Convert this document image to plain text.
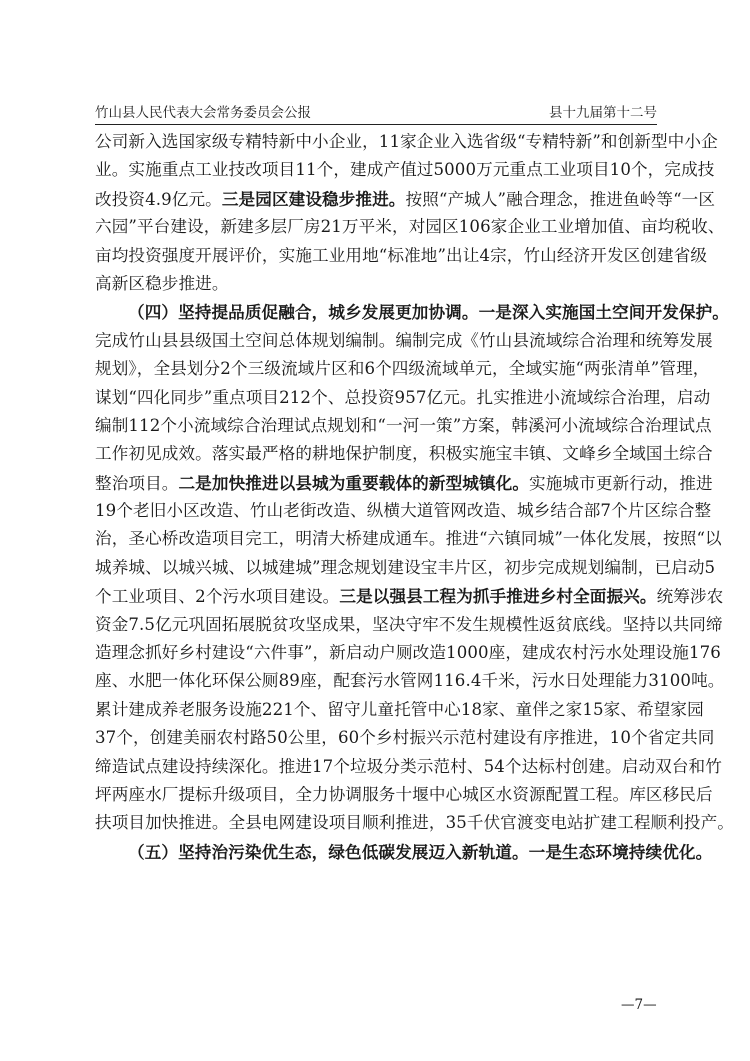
竹山县人民代表大会常务委员会公报	县十九届第十二号
公司新入选国家级专精特新中小企业，11家企业入选省级“专精特新”和创新型中小企
业。实施重点工业技改项目11个，建成产值过5000万元重点工业项目10个，完成技
改投资4.9亿元。三是园区建设稳步推进。按照“产城人”融合理念，推进鱼岭等“一区
六园”平台建设，新建多层厂房21万平米，对园区106家企业工业增加值、亩均税收、
亩均投资强度开展评价，实施工业用地“标准地”出让4宗，竹山经济开发区创建省级
高新区稳步推进。
（四）坚持提品质促融合，城乡发展更加协调。一是深入实施国土空间开发保护。
完成竹山县县级国土空间总体规划编制。编制完成《竹山县流域综合治理和统筹发展
规划》，全县划分2个三级流域片区和6个四级流域单元，全域实施“两张清单”管理，
谋划“四化同步”重点项目212个、总投资957亿元。扎实推进小流域综合治理，启动
编制112个小流域综合治理试点规划和“一河一策”方案，韩溪河小流域综合治理试点
工作初见成效。落实最严格的耕地保护制度，积极实施宝丰镇、文峰乡全域国土综合
整治项目。二是加快推进以县城为重要载体的新型城镇化。实施城市更新行动，推进
19个老旧小区改造、竹山老街改造、纵横大道管网改造、城乡结合部7个片区综合整
治，圣心桥改造项目完工，明清大桥建成通车。推进“六镇同城”一体化发展，按照“以
城养城、以城兴城、以城建城”理念规划建设宝丰片区，初步完成规划编制，已启动5
个工业项目、2个污水项目建设。三是以强县工程为抓手推进乡村全面振兴。统筹涉农
资金7.5亿元巩固拓展脱贫攻坚成果，坚决守牢不发生规模性返贫底线。坚持以共同缔
造理念抓好乡村建设“六件事”，新启动户厕改造1000座，建成农村污水处理设施176
座、水肥一体化环保公厕89座，配套污水管网116.4千米，污水日处理能力3100吨。
累计建成养老服务设施221个、留守儿童托管中心18家、童伴之家15家、希望家园
37个，创建美丽农村路50公里，60个乡村振兴示范村建设有序推进，10个省定共同
缔造试点建设持续深化。推进17个垃圾分类示范村、54个达标村创建。启动双台和竹
坪两座水厂提标升级项目，全力协调服务十堰中心城区水资源配置工程。库区移民后
扶项目加快推进。全县电网建设项目顺利推进，35千伏官渡变电站扩建工程顺利投产。
（五）坚持治污染优生态，绿色低碳发展迈入新轨道。一是生态环境持续优化。
—7—
